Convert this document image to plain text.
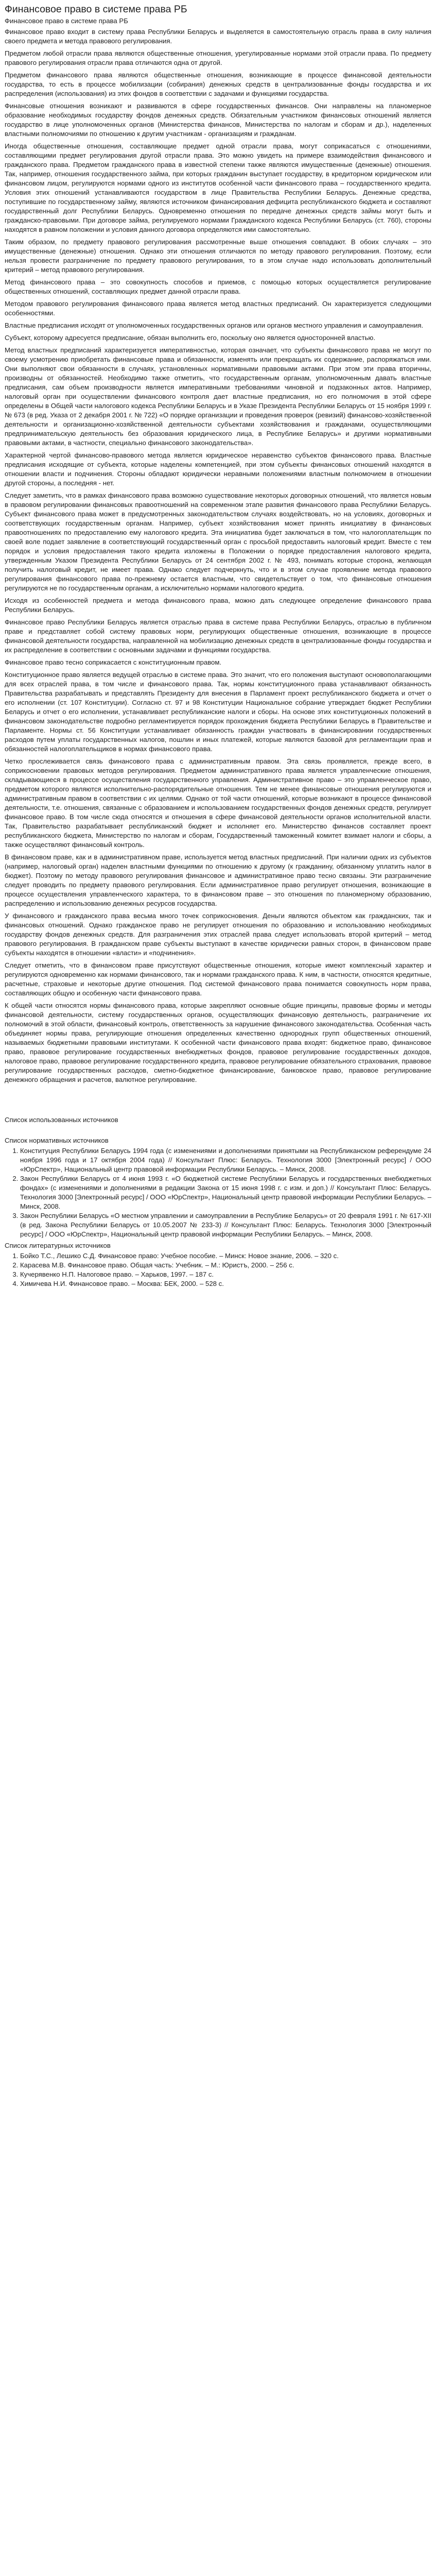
Финансовое право в системе права РБ
Финансовое право в системе права РБ

Финансовое право входит в систему права Республики Беларусь и выделяется в самостоятельную отрасль права в силу наличия своего предмета и метода правового регулирования.

Предметом любой отрасли права являются общественные отношения, урегулированные нормами этой отрасли права. По предмету правового регулирования отрасли права отличаются одна от другой.

Предметом финансового права являются общественные отношения, возникающие в процессе финансовой деятельности государства, то есть в процессе мобилизации (собирания) денежных средств в централизованные фонды государства и их распределения (использования) из этих фондов в соответствии с задачами и функциями государства.

Финансовые отношения возникают и развиваются в сфере государственных финансов. Они направлены на планомерное образование необходимых государству фондов денежных средств. Обязательным участником финансовых отношений является государство в лице уполномоченных органов (Министерства финансов, Министерства по налогам и сборам и др.), наделенных властными полномочиями по отношению к другим участникам - организациям и гражданам.

Иногда общественные отношения, составляющие предмет одной отрасли права, могут соприкасаться с отношениями, составляющими предмет регулирования другой отрасли права. Это можно увидеть на примере взаимодействия финансового и гражданского права. Предметом гражданского права в известной степени также являются имущественные (денежные) отношения. Так, например, отношения государственного займа, при которых гражданин выступает государству, в кредиторном юридическом или финансовом лицом, регулируются нормами одного из институтов особенной части финансового права – государственного кредита. Условия этих отношений устанавливаются государством в лице Правительства Республики Беларусь. Денежные средства, поступившие по государственному займу, являются источником финансирования дефицита республиканского бюджета и составляют государственный долг Республики Беларусь. Одновременно отношения по передаче денежных средств займы могут быть и гражданско-правовыми. При договоре займа, регулируемого нормами Гражданского кодекса Республики Беларусь (ст. 760), стороны находятся в равном положении и условия данного договора определяются ими самостоятельно.

Таким образом, по предмету правового регулирования рассмотренные выше отношения совпадают. В обоих случаях – это имущественные (денежные) отношения. Однако эти отношения отличаются по методу правового регулирования. Поэтому, если нельзя провести разграничение по предмету правового регулирования, то в этом случае надо использовать дополнительный критерий – метод правового регулирования.

Метод финансового права – это совокупность способов и приемов, с помощью которых осуществляется регулирование общественных отношений, составляющих предмет данной отрасли права.

Методом правового регулирования финансового права является метод властных предписаний. Он характеризуется следующими особенностями.

Властные предписания исходят от уполномоченных государственных органов или органов местного управления и самоуправления.

Субъект, которому адресуется предписание, обязан выполнить его, поскольку оно является односторонней властью.

Метод властных предписаний характеризуется императивностью, которая означает, что субъекты финансового права не могут по своему усмотрению приобретать финансовые права и обязанности, изменять или прекращать их содержание, распоряжаться ими. Они выполняют свои обязанности в случаях, установленных нормативными правовыми актами. При этом эти права вторичны, производны от обязанностей. Необходимо также отметить, что государственным органам, уполномоченным давать властные предписания, сам объем производности является императивными требованиями чиновной и подзаконных актов. Например, налоговый орган при осуществлении финансового контроля дает властные предписания, но его полномочия в этой сфере определены в Общей части налогового кодекса Республики Беларусь и в Указе Президента Республики Беларусь от 15 ноября 1999 г. № 673 (в ред. Указа от 2 декабря 2001 г. № 722) «О порядке организации и проведения проверок (ревизий) финансово-хозяйственной деятельности и организационно-хозяйственной деятельности субъектами хозяйствования и гражданами, осуществляющими предпринимательскую деятельность без образования юридического лица, в Республике Беларусь» и другими нормативными правовыми актами, в частности, специально финансового законодательства».

Характерной чертой финансово-правового метода является юридическое неравенство субъектов финансового права. Властные предписания исходящие от субъекта, которые наделены компетенцией, при этом субъекты финансовых отношений находятся в отношении власти и подчинения. Стороны обладают юридически неравными положениями властным полномочием в отношении другой стороны, а последняя - нет.

Следует заметить, что в рамках финансового права возможно существование некоторых договорных отношений, что является новым в правовом регулировании финансовых правоотношений на современном этапе развития финансового права Республики Беларусь. Субъект финансового права может в предусмотренных законодательством случаях воздействовать, но на условиях, договорных и соответствующих государственным органам. Например, субъект хозяйствования может принять инициативу в финансовых правоотношениях по предоставлению ему налогового кредита. Эта инициатива будет заключаться в том, что налогоплательщик по своей воле подает заявление в соответствующий государственный орган с просьбой предоставить налоговый кредит. Вместе с тем порядок и условия предоставления такого кредита изложены в Положении о порядке предоставления налогового кредита, утвержденным Указом Президента Республики Беларусь от 24 сентября 2002 г. № 493, понимать которые сторона, желающая получить налоговый кредит, не имеет права. Однако следует подчеркнуть, что и в этом случае проявление метода правового регулирования финансового права по-прежнему остается властным, что свидетельствует о том, что финансовые отношения регулируются не по государственным органам, а исключительно нормами налогового кредита.

Исходя из особенностей предмета и метода финансового права, можно дать следующее определение финансового права Республики Беларусь.

Финансовое право Республики Беларусь является отраслью права в системе права Республики Беларусь, отраслью в публичном праве и представляет собой систему правовых норм, регулирующих общественные отношения, возникающие в процессе финансовой деятельности государства, направленной на мобилизацию денежных средств в централизованные фонды государства и их распределение в соответствии с основными задачами и функциями государства.

Финансовое право тесно соприкасается с конституционным правом.

Конституционное право является ведущей отраслью в системе права. Это значит, что его положения выступают основополагающими для всех отраслей права, в том числе и финансового права. Так, нормы конституционного права устанавливают обязанность Правительства разрабатывать и представлять Президенту для внесения в Парламент проект республиканского бюджета и отчет о его исполнении (ст. 107 Конституции). Согласно ст. 97 и 98 Конституции Национальное собрание утверждает бюджет Республики Беларусь и отчет о его исполнении, устанавливает республиканские налоги и сборы. На основе этих конституционных положений в финансовом законодательстве подробно регламентируется порядок прохождения бюджета Республики Беларусь в Правительстве и Парламенте. Нормы ст. 56 Конституции устанавливает обязанность граждан участвовать в финансировании государственных расходов путем уплаты государственных налогов, пошлин и иных платежей, которые являются базовой для регламентации прав и обязанностей налогоплательщиков в нормах финансового права.

Четко прослеживается связь финансового права с административным правом. Эта связь проявляется, прежде всего, в соприкосновении правовых методов регулирования. Предметом административного права является управленческие отношения, складывающиеся в процессе осуществления государственного управления. Административное право – это управленческое право, предметом которого являются исполнительно-распорядительные отношения. Тем не менее финансовые отношения регулируются и административным правом в соответствии с их целями. Однако от той части отношений, которые возникают в процессе финансовой деятельности, т.е. отношения, связанные с образованием и использованием государственных фондов денежных средств, регулирует финансовое право. В том числе сюда относятся и отношения в сфере финансовой деятельности органов исполнительной власти. Так, Правительство разрабатывает республиканский бюджет и исполняет его. Министерство финансов составляет проект республиканского бюджета, Министерство по налогам и сборам, Государственный таможенный комитет взимает налоги и сборы, а также осуществляют финансовый контроль.

В финансовом праве, как и в административном праве, используется метод властных предписаний. При наличии одних из субъектов (например, налоговый орган) наделен властными функциями по отношению к другому (к гражданину, обязанному уплатить налог в бюджет). Поэтому по методу правового регулирования финансовое и административное право тесно связаны. Эти разграничение следует проводить по предмету правового регулирования. Если административное право регулирует отношения, возникающие в процессе осуществления управленческого характера, то в финансовом праве – это отношения по планомерному образованию, распределению и использованию денежных ресурсов государства.

У финансового и гражданского права весьма много точек соприкосновения. Деньги являются объектом как гражданских, так и финансовых отношений. Однако гражданское право не регулирует отношения по образованию и использованию необходимых государству фондов денежных средств. Для разграничения этих отраслей права следует использовать второй критерий – метод правового регулирования. В гражданском праве субъекты выступают в качестве юридически равных сторон, в финансовом праве субъекты находятся в отношении «власти» и «подчинения».

Следует отметить, что в финансовом праве присутствуют общественные отношения, которые имеют комплексный характер и регулируются одновременно как нормами финансового, так и нормами гражданского права. К ним, в частности, относятся кредитные, расчетные, страховые и некоторые другие отношения. Под системой финансового права понимается совокупность норм права, составляющих общую и особенную части финансового права.

К общей части относятся нормы финансового права, которые закрепляют основные общие принципы, правовые формы и методы финансовой деятельности, систему государственных органов, осуществляющих финансовую деятельность, разграничение их полномочий в этой области, финансовый контроль, ответственность за нарушение финансового законодательства. Особенная часть объединяет нормы права, регулирующие отношения определенных качественно однородных групп общественных отношений, называемых бюджетными правовыми институтами. К особенной части финансового права входят: бюджетное право, финансовое право, правовое регулирование государственных внебюджетных фондов, правовое регулирование государственных доходов, налоговое право, правовое регулирование государственного кредита, правовое регулирование обязательного страхования, правовое регулирование государственных расходов, сметно-бюджетное финансирование, банковское право, правовое регулирование денежного обращения и расчетов, валютное регулирование.

Список использованных источников
Список нормативных источников
1. Конституция Республики Беларусь 1994 года (с изменениями и дополнениями принятыми на Республиканском референдуме 24 ноября 1996 года и 17 октября 2004 года) // Консультант Плюс: Беларусь. Технология 3000 [Электронный ресурс] / ООО «ЮрСпектр», Национальный центр правовой информации Республики Беларусь. – Минск, 2008.
2. Закон Республики Беларусь от 4 июня 1993 г. «О бюджетной системе Республики Беларусь и государственных внебюджетных фондах» (с изменениями и дополнениями в редакции Закона от 15 июня 1998 г. с изм. и доп.) // Консультант Плюс: Беларусь. Технология 3000 [Электронный ресурс] / ООО «ЮрСпектр», Национальный центр правовой информации Республики Беларусь. – Минск, 2008.
3. Закон Республики Беларусь «О местном управлении и самоуправлении в Республике Беларусь» от 20 февраля 1991 г. № 617-XII (в ред. Закона Республики Беларусь от 10.05.2007 № 233-З) // Консультант Плюс: Беларусь. Технология 3000 [Электронный ресурс] / ООО «ЮрСпектр», Национальный центр правовой информации Республики Беларусь. – Минск, 2008.
Список литературных источников
1. Бойко Т.С., Лешико С.Д. Финансовое право: Учебное пособие. – Минск: Новое знание, 2006. – 320 с.
2. Карасева М.В. Финансовое право. Общая часть: Учебник. – М.: Юристъ, 2000. – 256 с.
3. Кучерявенко Н.П. Налоговое право. – Харьков, 1997. – 187 с.
4. Химичева Н.И. Финансовое право. – Москва: БЕК, 2000. – 528 с.
